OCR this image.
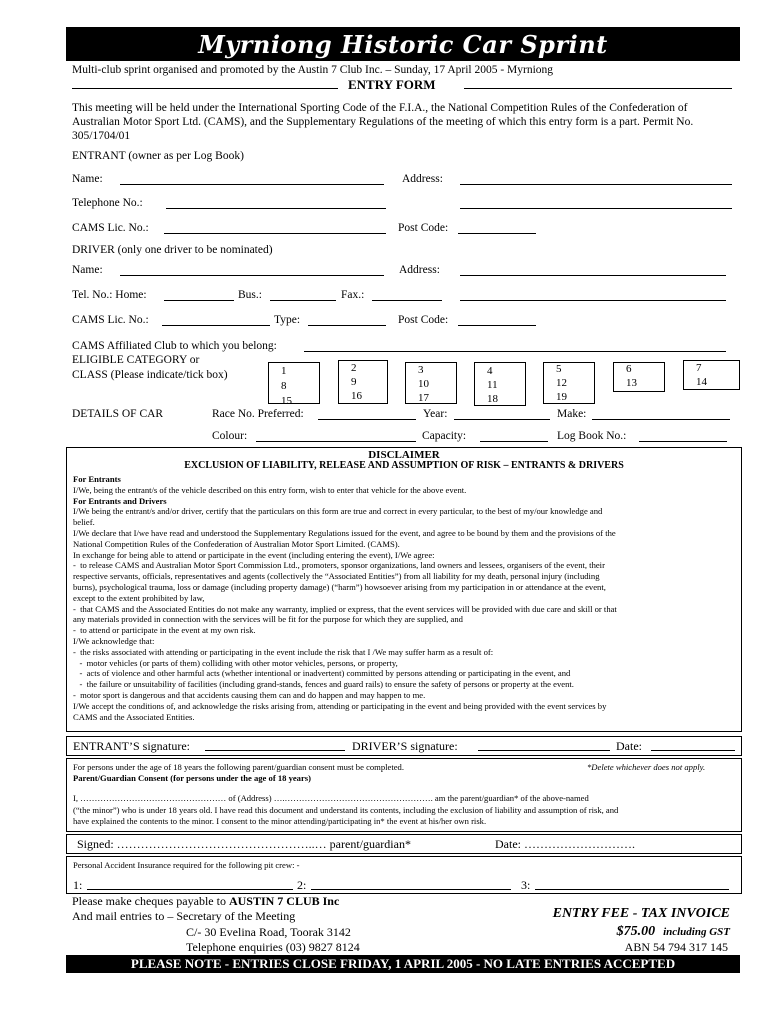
Myrniong Historic Car Sprint
Multi-club sprint organised and promoted by the Austin 7 Club Inc. – Sunday, 17 April 2005 - Myrniong
ENTRY FORM
This meeting will be held under the International Sporting Code of the F.I.A., the National Competition Rules of the Confederation of Australian Motor Sport Ltd. (CAMS), and the Supplementary Regulations of the meeting of which this entry form is a part. Permit No. 305/1704/01
ENTRANT (owner as per Log Book)
Name:	Address:
Telephone No.:
CAMS Lic. No.:	Post Code:
DRIVER (only one driver to be nominated)
Name:	Address:
Tel. No.: Home:	Bus.:	Fax.:
CAMS Lic. No.:	Type:	Post Code:
CAMS Affiliated Club to which you belong:
ELIGIBLE CATEGORY or
CLASS (Please indicate/tick box)	1
8
15
2
9
16
3
10
17
4
11
18
5
12
19
6
13
7
14
DETAILS OF CAR	Race No. Preferred:	Year:	Make:
Colour:	Capacity:	Log Book No.:
DISCLAIMER
EXCLUSION OF LIABILITY, RELEASE AND ASSUMPTION OF RISK – ENTRANTS & DRIVERS
For Entrants
I/We, being the entrant/s of the vehicle described on this entry form, wish to enter that vehicle for the above event.
For Entrants and Drivers
I/We being the entrant/s and/or driver, certify that the particulars on this form are true and correct in every particular, to the best of my/our knowledge and
belief.
I/We declare that I/we have read and understood the Supplementary Regulations issued for the event, and agree to be bound by them and the provisions of the
National Competition Rules of the Confederation of Australian Motor Sport Limited. (CAMS).
In exchange for being able to attend or participate in the event (including entering the event), I/We agree:
-  to release CAMS and Australian Motor Sport Commission Ltd., promoters, sponsor organizations, land owners and lessees, organisers of the event, their
respective servants, officials, representatives and agents (collectively the “Associated Entities”) from all liability for my death, personal injury (including
burns), psychological trauma, loss or damage (including property damage) (“harm”) howsoever arising from my participation in or attendance at the event,
except to the extent prohibited by law,
-  that CAMS and the Associated Entities do not make any warranty, implied or express, that the event services will be provided with due care and skill or that
any materials provided in connection with the services will be fit for the purpose for which they are supplied, and
-  to attend or participate in the event at my own risk.
I/We acknowledge that:
-  the risks associated with attending or participating in the event include the risk that I /We may suffer harm as a result of:
-  motor vehicles (or parts of them) colliding with other motor vehicles, persons, or property,
-  acts of violence and other harmful acts (whether intentional or inadvertent) committed by persons attending or participating in the event, and
-  the failure or unsuitability of facilities (including grand-stands, fences and guard rails) to ensure the safety of persons or property at the event.
-  motor sport is dangerous and that accidents causing them can and do happen and may happen to me.
I/We accept the conditions of, and acknowledge the risks arising from, attending or participating in the event and being provided with the event services by
CAMS and the Associated Entities.
ENTRANT’S signature:	DRIVER’S signature:	Date:
For persons under the age of 18 years the following parent/guardian consent must be completed.	*Delete whichever does not apply.
Parent/Guardian Consent (for persons under the age of 18 years)
I, …………………………………………… of (Address) ….……………………………………………. am the parent/guardian* of the above-named
(“the minor”) who is under 18 years old. I have read this document and understand its contents, including the exclusion of liability and assumption of risk, and
have explained the contents to the minor. I consent to the minor attending/participating in* the event at his/her own risk.
Signed: …………………………………………..… parent/guardian*	Date: ……………………….
Personal Accident Insurance required for the following pit crew: -
1:	2:	3:
Please make cheques payable to AUSTIN 7 CLUB Inc
And mail entries to – Secretary of the Meeting
C/- 30 Evelina Road, Toorak 3142
Telephone enquiries (03) 9827 8124
ENTRY FEE - TAX INVOICE
$75.00 including GST
ABN 54 794 317 145
PLEASE NOTE - ENTRIES CLOSE FRIDAY, 1 APRIL 2005 - NO LATE ENTRIES ACCEPTED
